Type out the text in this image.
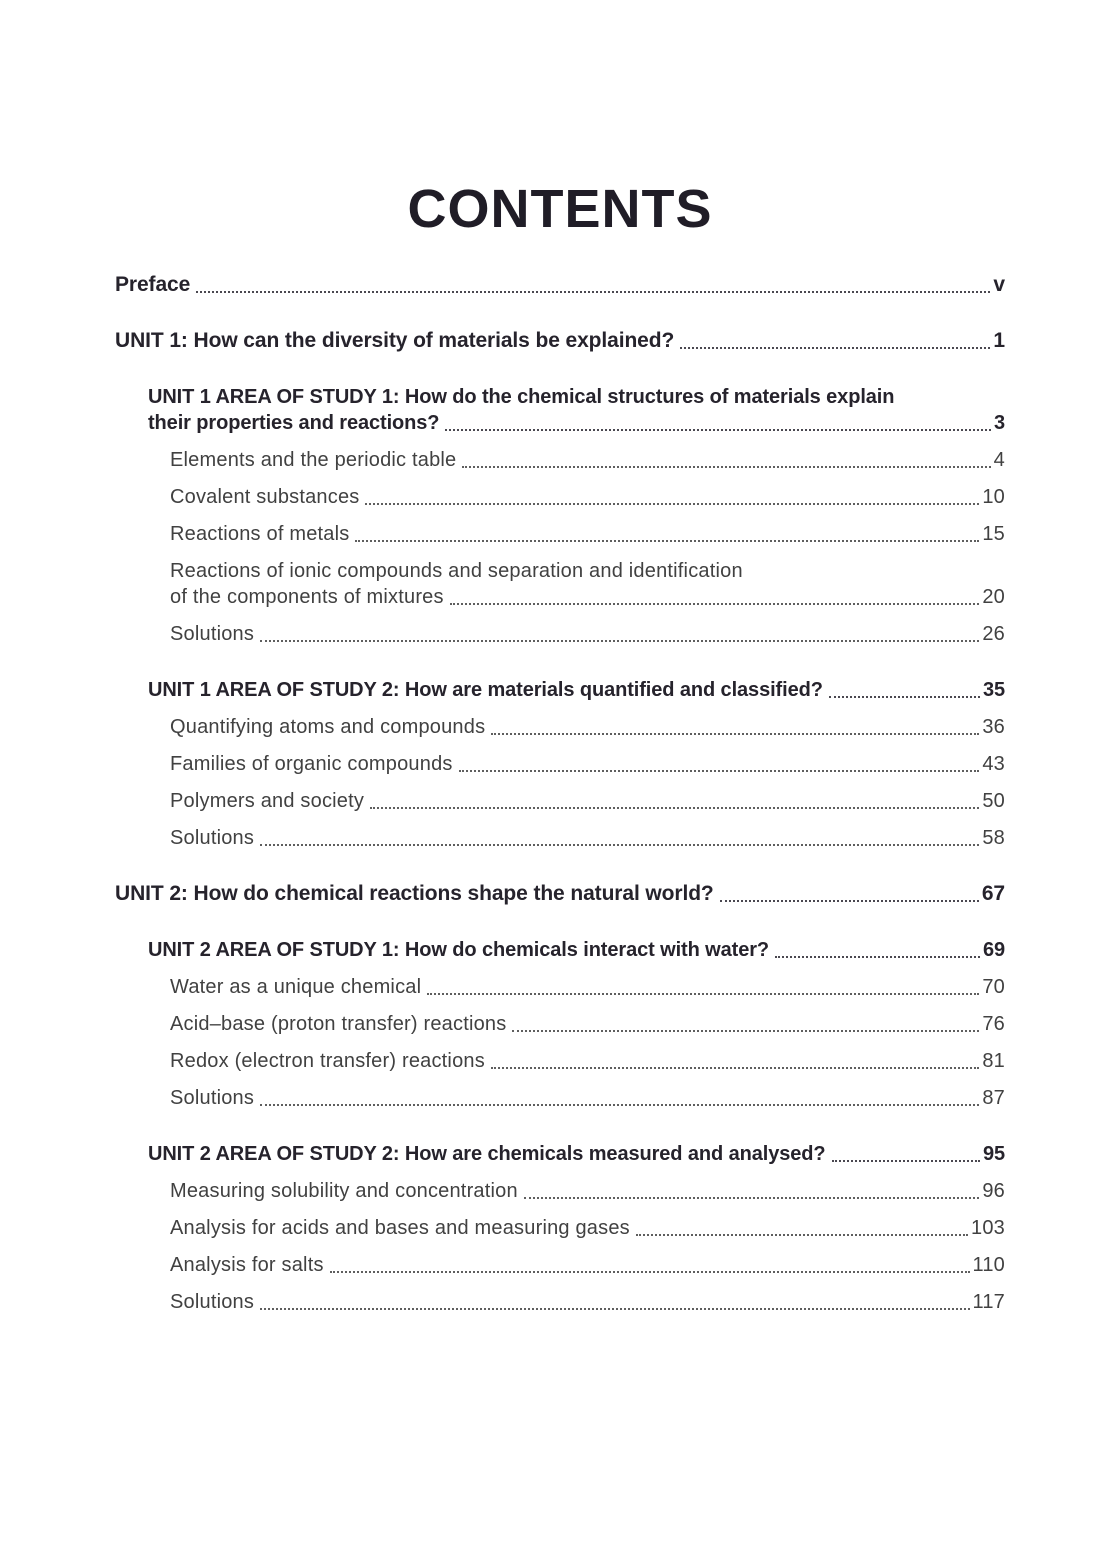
CONTENTS
Preface	v
UNIT 1: How can the diversity of materials be explained?	1
UNIT 1 AREA OF STUDY 1: How do the chemical structures of materials explain
their properties and reactions?	3
Elements and the periodic table	4
Covalent substances	10
Reactions of metals	15
Reactions of ionic compounds and separation and identification
of the components of mixtures	20
Solutions	26
UNIT 1 AREA OF STUDY 2: How are materials quantified and classified?	35
Quantifying atoms and compounds	36
Families of organic compounds	43
Polymers and society	50
Solutions	58
UNIT 2: How do chemical reactions shape the natural world?	67
UNIT 2 AREA OF STUDY 1: How do chemicals interact with water?	69
Water as a unique chemical	70
Acid–base (proton transfer) reactions	76
Redox (electron transfer) reactions	81
Solutions	87
UNIT 2 AREA OF STUDY 2: How are chemicals measured and analysed?	95
Measuring solubility and concentration	96
Analysis for acids and bases and measuring gases	103
Analysis for salts	110
Solutions	117
